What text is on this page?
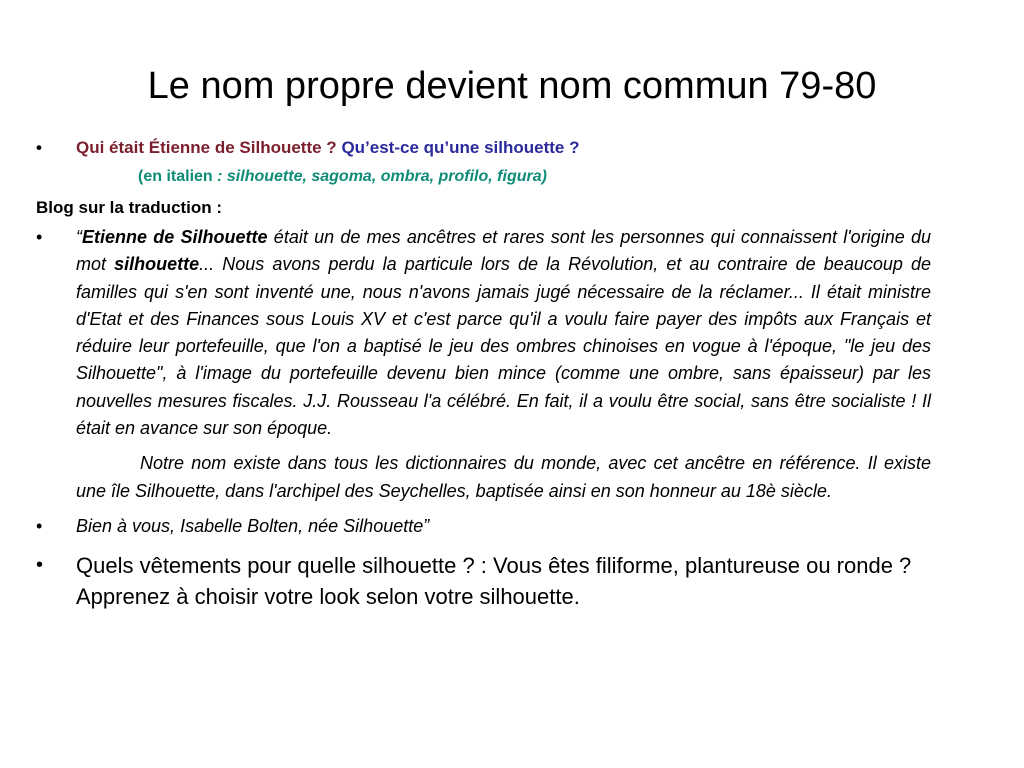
Le nom propre devient nom commun 79-80
•	Qui était Étienne de Silhouette ? Qu’est-ce qu’une silhouette ?
(en italien : silhouette, sagoma, ombra, profilo, figura)
Blog sur la traduction :
•	“Etienne de Silhouette était un de mes ancêtres et rares sont les personnes qui connaissent l'origine du mot silhouette... Nous avons perdu la particule lors de la Révolution, et au contraire de beaucoup de familles qui s'en sont inventé une, nous n'avons jamais jugé nécessaire de la réclamer... Il était ministre d'Etat et des Finances sous Louis XV et c'est parce qu'il a voulu faire payer des impôts aux Français et réduire leur portefeuille, que l'on a baptisé le jeu des ombres chinoises en vogue à l'époque, "le jeu des Silhouette", à l'image du portefeuille devenu bien mince (comme une ombre, sans épaisseur) par les nouvelles mesures fiscales. J.J. Rousseau l'a célébré. En fait, il a voulu être social, sans être socialiste ! Il était en avance sur son époque.
Notre nom existe dans tous les dictionnaires du monde, avec cet ancêtre en référence. Il existe une île Silhouette, dans l'archipel des Seychelles, baptisée ainsi en son honneur au 18è siècle.
•	Bien à vous, Isabelle Bolten, née Silhouette”
•	Quels vêtements pour quelle silhouette ? : Vous êtes filiforme, plantureuse ou ronde ? Apprenez à choisir votre look selon votre silhouette.
